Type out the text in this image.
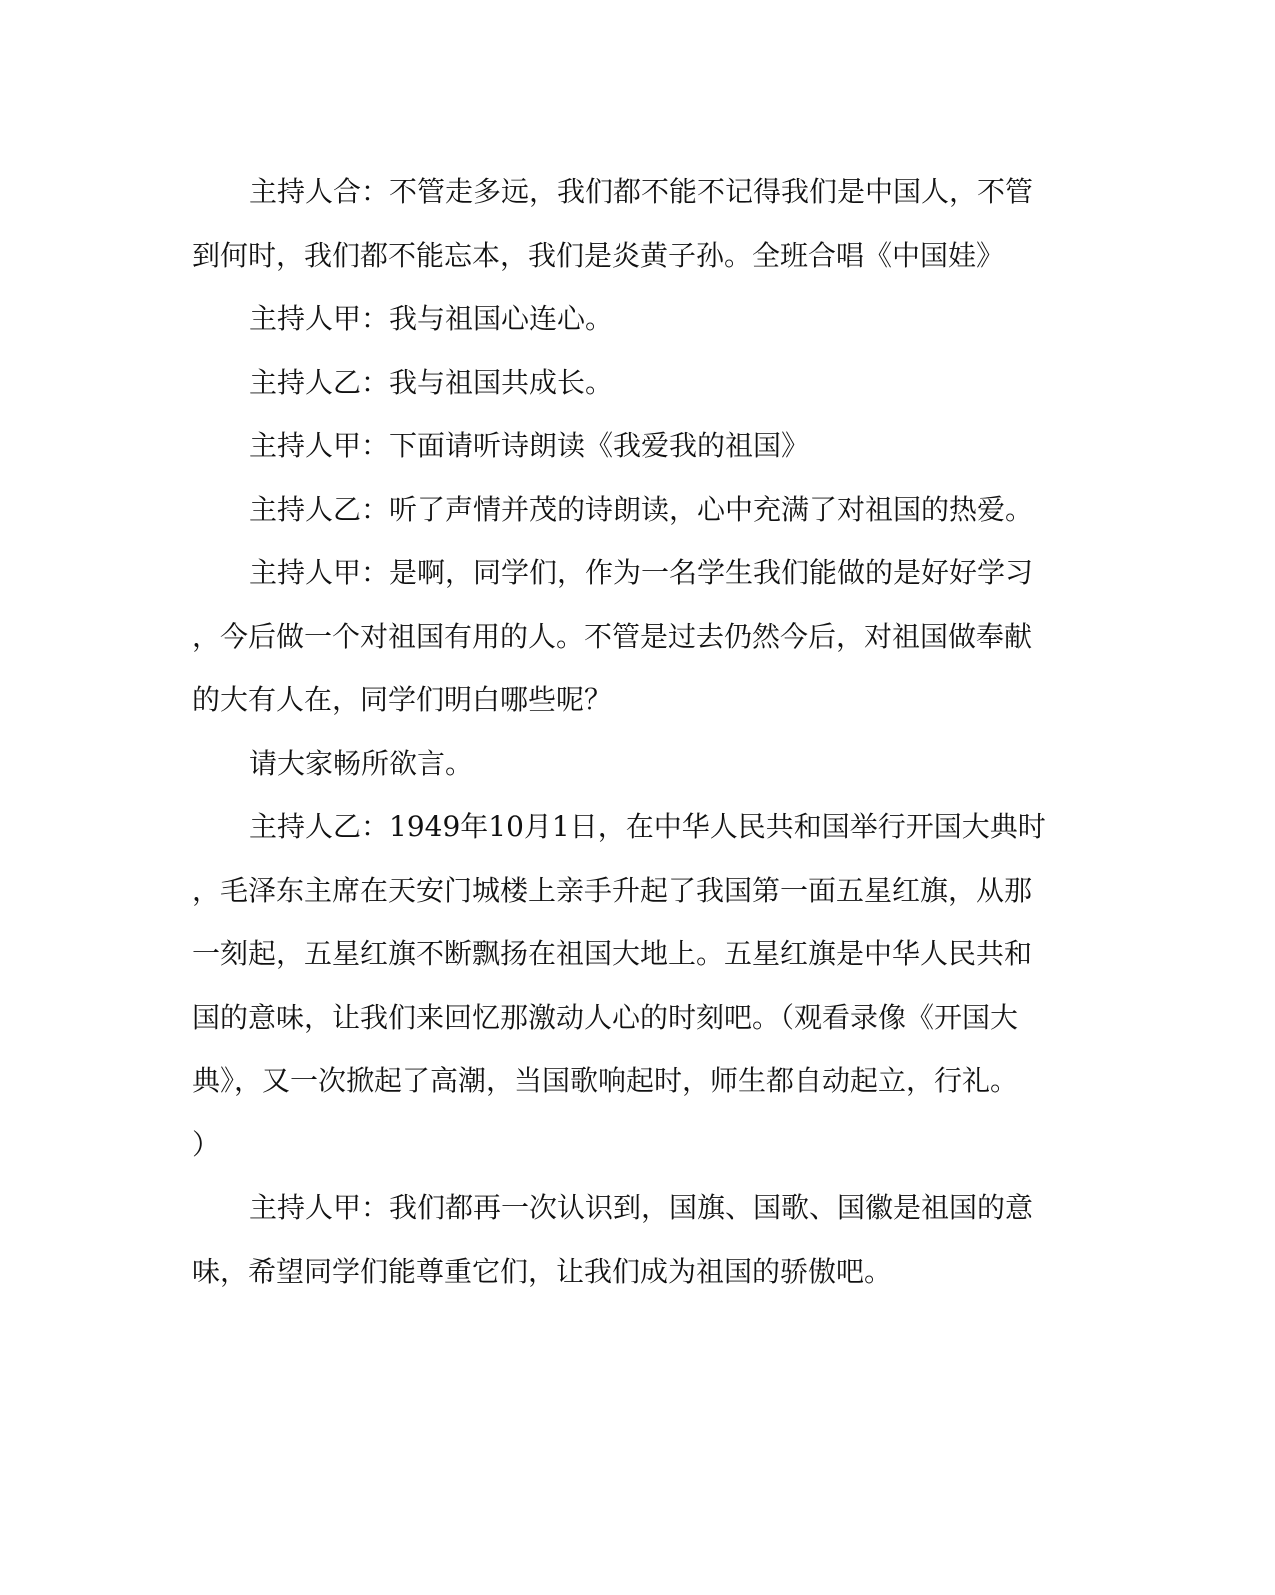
主持人合：不管走多远，我们都不能不记得我们是中国人，不管
到何时，我们都不能忘本，我们是炎黄子孙。全班合唱《中国娃》
主持人甲：我与祖国心连心。
主持人乙：我与祖国共成长。
主持人甲：下面请听诗朗读《我爱我的祖国》
主持人乙：听了声情并茂的诗朗读，心中充满了对祖国的热爱。
主持人甲：是啊，同学们，作为一名学生我们能做的是好好学习
，今后做一个对祖国有用的人。不管是过去仍然今后，对祖国做奉献
的大有人在，同学们明白哪些呢？
请大家畅所欲言。
主持人乙：1949年10月1日，在中华人民共和国举行开国大典时
，毛泽东主席在天安门城楼上亲手升起了我国第一面五星红旗，从那
一刻起，五星红旗不断飘扬在祖国大地上。五星红旗是中华人民共和
国的意味，让我们来回忆那激动人心的时刻吧。（观看录像《开国大
典》，又一次掀起了高潮，当国歌响起时，师生都自动起立，行礼。
）
主持人甲：我们都再一次认识到，国旗、国歌、国徽是祖国的意
味，希望同学们能尊重它们，让我们成为祖国的骄傲吧。
